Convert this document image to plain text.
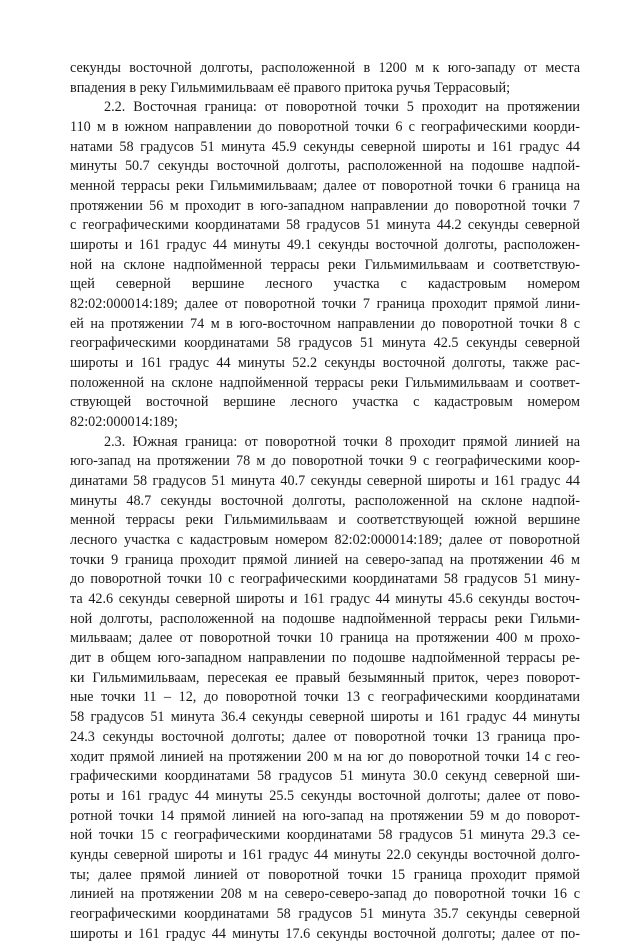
секунды восточной долготы, расположенной в 1200 м к юго-западу от места
впадения в реку Гильмимильваам её правого притока ручья Террасовый;
2.2. Восточная граница: от поворотной точки 5 проходит на протяжении
110 м в южном направлении до поворотной точки 6 с географическими коорди-
натами 58 градусов 51 минута 45.9 секунды северной широты и 161 градус 44
минуты 50.7 секунды восточной долготы, расположенной на подошве надпой-
менной террасы реки Гильмимильваам; далее от поворотной точки 6 граница на
протяжении 56 м проходит в юго-западном направлении до поворотной точки 7
с географическими координатами 58 градусов 51 минута 44.2 секунды северной
широты и 161 градус 44 минуты 49.1 секунды восточной долготы, расположен-
ной на склоне надпойменной террасы реки Гильмимильваам и соответствую-
щей северной вершине лесного участка с кадастровым номером
82:02:000014:189; далее от поворотной точки 7 граница проходит прямой лини-
ей на протяжении 74 м в юго-восточном направлении до поворотной точки 8 с
географическими координатами 58 градусов 51 минута 42.5 секунды северной
широты и 161 градус 44 минуты 52.2 секунды восточной долготы, также рас-
положенной на склоне надпойменной террасы реки Гильмимильваам и соответ-
ствующей восточной вершине лесного участка с кадастровым номером
82:02:000014:189;
2.3. Южная граница: от поворотной точки 8 проходит прямой линией на
юго-запад на протяжении 78 м до поворотной точки 9 с географическими коор-
динатами 58 градусов 51 минута 40.7 секунды северной широты и 161 градус 44
минуты 48.7 секунды восточной долготы, расположенной на склоне надпой-
менной террасы реки Гильмимильваам и соответствующей южной вершине
лесного участка с кадастровым номером 82:02:000014:189; далее от поворотной
точки 9 граница проходит прямой линией на северо-запад на протяжении 46 м
до поворотной точки 10 с географическими координатами 58 градусов 51 мину-
та 42.6 секунды северной широты и 161 градус 44 минуты 45.6 секунды восточ-
ной долготы, расположенной на подошве надпойменной террасы реки Гильми-
мильваам; далее от поворотной точки 10 граница на протяжении 400 м прохо-
дит в общем юго-западном направлении по подошве надпойменной террасы ре-
ки Гильмимильваам, пересекая ее правый безымянный приток, через поворот-
ные точки 11 – 12, до поворотной точки 13 с географическими координатами
58 градусов 51 минута 36.4 секунды северной широты и 161 градус 44 минуты
24.3 секунды восточной долготы; далее от поворотной точки 13 граница про-
ходит прямой линией на протяжении 200 м на юг до поворотной точки 14 с гео-
графическими координатами 58 градусов 51 минута 30.0 секунд северной ши-
роты и 161 градус 44 минуты 25.5 секунды восточной долготы; далее от пово-
ротной точки 14 прямой линией на юго-запад на протяжении 59 м до поворот-
ной точки 15 с географическими координатами 58 градусов 51 минута 29.3 се-
кунды северной широты и 161 градус 44 минуты 22.0 секунды восточной долго-
ты; далее прямой линией от поворотной точки 15 граница проходит прямой
линией на протяжении 208 м на северо-северо-запад до поворотной точки 16 с
географическими координатами 58 градусов 51 минута 35.7 секунды северной
широты и 161 градус 44 минуты 17.6 секунды восточной долготы; далее от по-
